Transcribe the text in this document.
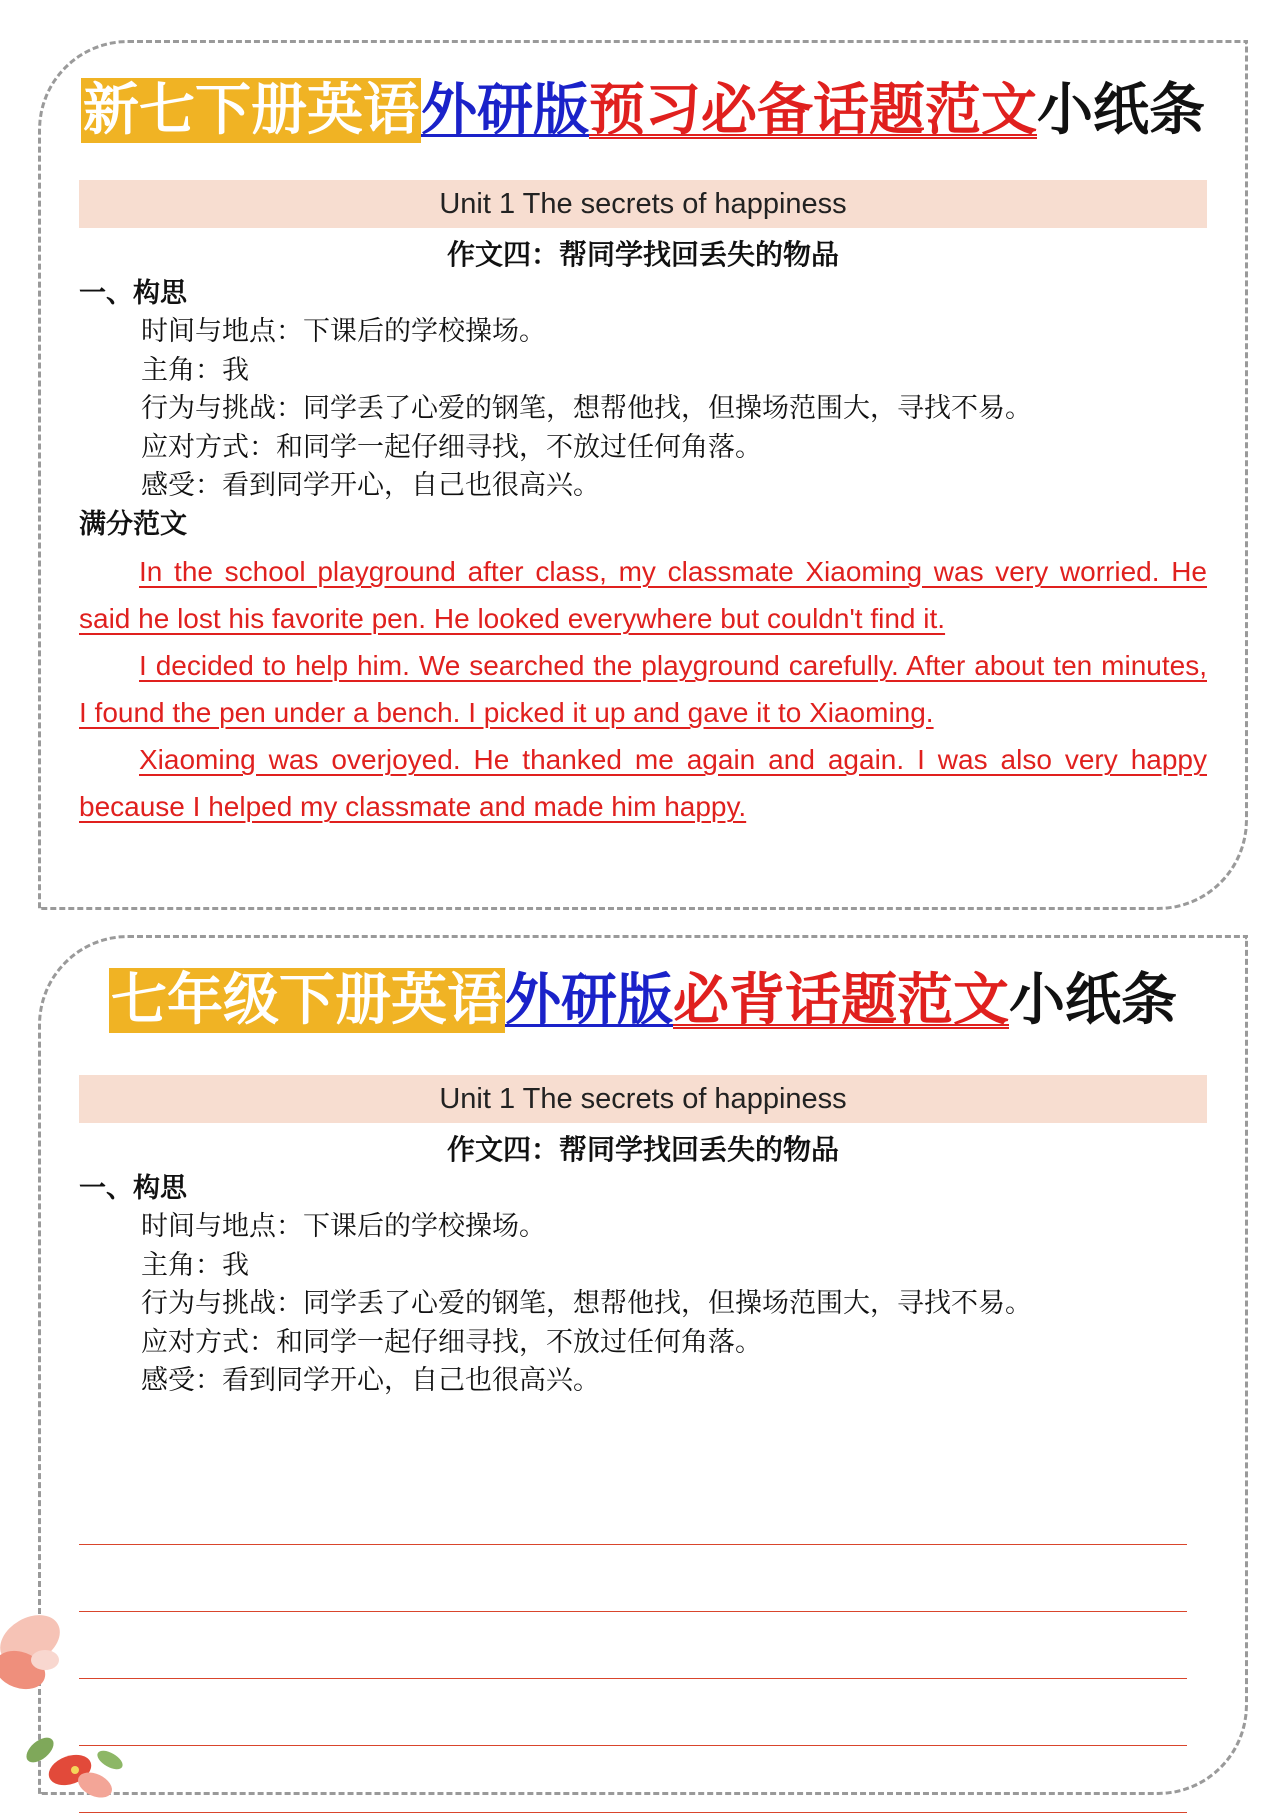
新七下册英语外研版预习必备话题范文小纸条
Unit 1 The secrets of happiness
作文四：帮同学找回丢失的物品
一、构思
时间与地点：下课后的学校操场。
主角：我
行为与挑战：同学丢了心爱的钢笔，想帮他找，但操场范围大，寻找不易。
应对方式：和同学一起仔细寻找，不放过任何角落。
感受：看到同学开心，自己也很高兴。
满分范文

In the school playground after class, my classmate Xiaoming was very worried. He said he lost his favorite pen. He looked everywhere but couldn't find it.

I decided to help him. We searched the playground carefully. After about ten minutes, I found the pen under a bench. I picked it up and gave it to Xiaoming.

Xiaoming was overjoyed. He thanked me again and again. I was also very happy because I helped my classmate and made him happy.

七年级下册英语外研版必背话题范文小纸条
Unit 1 The secrets of happiness
作文四：帮同学找回丢失的物品
一、构思
时间与地点：下课后的学校操场。
主角：我
行为与挑战：同学丢了心爱的钢笔，想帮他找，但操场范围大，寻找不易。
应对方式：和同学一起仔细寻找，不放过任何角落。
感受：看到同学开心，自己也很高兴。
